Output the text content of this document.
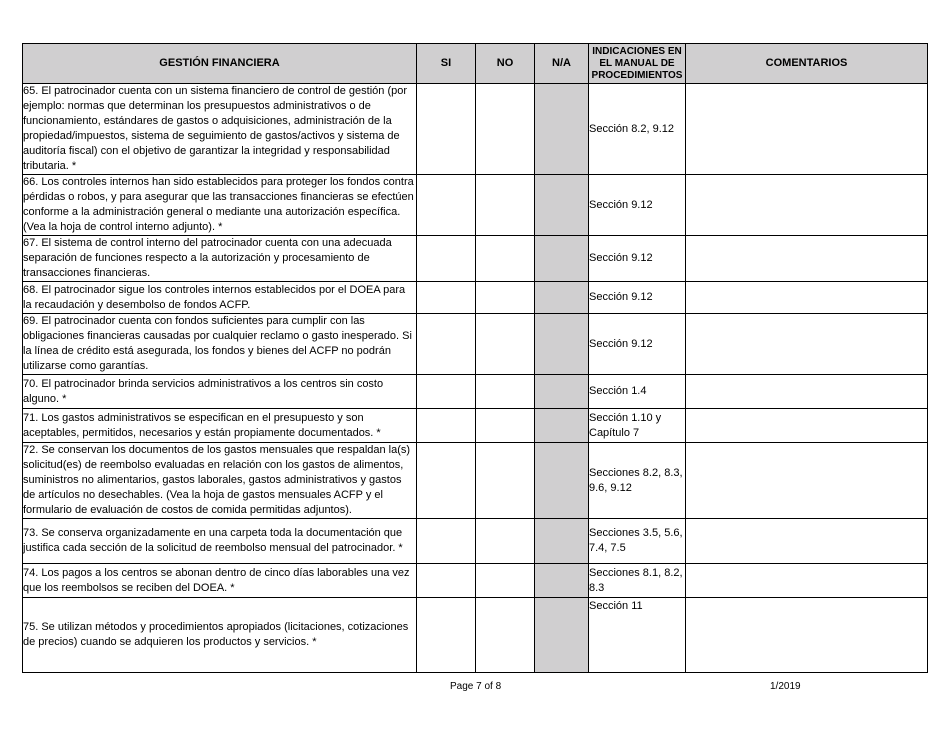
GESTIÓN FINANCIERA	SI	NO	N/A	INDICACIONES EN EL MANUAL DE PROCEDIMIENTOS	COMENTARIOS
65. El patrocinador cuenta con un sistema financiero de control de gestión (por ejemplo: normas que determinan los presupuestos administrativos o de funcionamiento, estándares de gastos o adquisiciones, administración de la propiedad/impuestos, sistema de seguimiento de gastos/activos y sistema de auditoría fiscal) con el objetivo de garantizar la integridad y responsabilidad tributaria. *				Sección 8.2, 9.12	
66. Los controles internos han sido establecidos para proteger los fondos contra pérdidas o robos, y para asegurar que las transacciones financieras se efectúen conforme a la administración general o mediante una autorización específica. (Vea la hoja de control interno adjunto). *				Sección 9.12	
67. El sistema de control interno del patrocinador cuenta con una adecuada separación de funciones respecto a la autorización y procesamiento de transacciones financieras.				Sección 9.12	
68. El patrocinador sigue los controles internos establecidos por el DOEA para la recaudación y desembolso de fondos ACFP.				Sección 9.12	
69. El patrocinador cuenta con fondos suficientes para cumplir con las obligaciones financieras causadas por cualquier reclamo o gasto inesperado. Si la línea de crédito está asegurada, los fondos y bienes del ACFP no podrán utilizarse como garantías.				Sección 9.12	
70. El patrocinador brinda servicios administrativos a los centros sin costo alguno. *				Sección 1.4	
71. Los gastos administrativos se especifican en el presupuesto y son aceptables, permitidos, necesarios y están propiamente documentados. *				Sección 1.10 y Capítulo 7	
72. Se conservan los documentos de los gastos mensuales que respaldan la(s) solicitud(es) de reembolso evaluadas en relación con los gastos de alimentos, suministros no alimentarios, gastos laborales, gastos administrativos y gastos de artículos no desechables. (Vea la hoja de gastos mensuales ACFP y el formulario de evaluación de costos de comida permitidas adjuntos).				Secciones 8.2, 8.3, 9.6, 9.12	
73. Se conserva organizadamente en una carpeta toda la documentación que justifica cada sección de la solicitud de reembolso mensual del patrocinador. *				Secciones 3.5, 5.6, 7.4, 7.5	
74. Los pagos a los centros se abonan dentro de cinco días laborables una vez que los reembolsos se reciben del DOEA. *				Secciones 8.1, 8.2, 8.3	
75. Se utilizan métodos y procedimientos apropiados (licitaciones, cotizaciones de precios) cuando se adquieren los productos y servicios. *				Sección 11	
Page 7 of 8	1/2019
